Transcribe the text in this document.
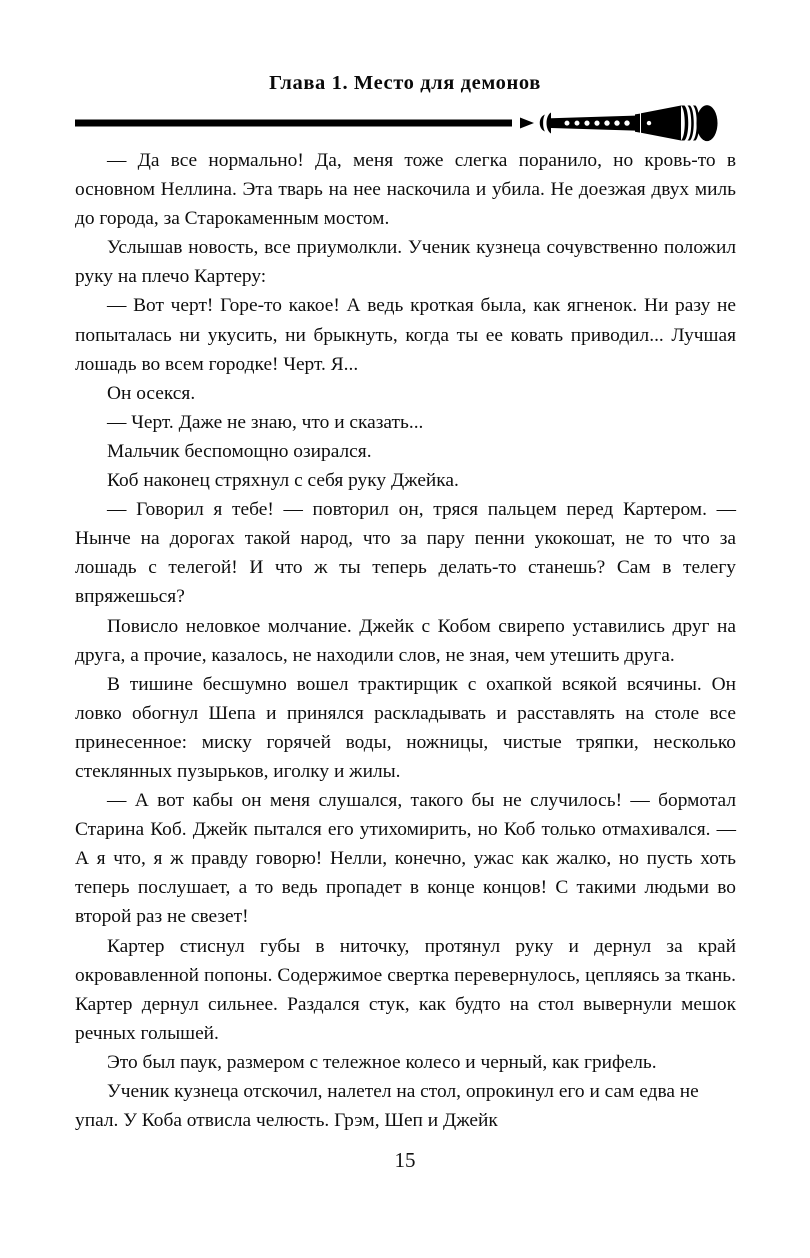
Глава 1. Место для демонов

— Да все нормально! Да, меня тоже слегка поранило, но кровь-то в основном Неллина. Эта тварь на нее наскочила и убила. Не доезжая двух миль до города, за Старокаменным мостом.

Услышав новость, все приумолкли. Ученик кузнеца сочувственно положил руку на плечо Картеру:

— Вот черт! Горе-то какое! А ведь кроткая была, как ягненок. Ни разу не попыталась ни укусить, ни брыкнуть, когда ты ее ковать приводил... Лучшая лошадь во всем городке! Черт. Я...

Он осекся.

— Черт. Даже не знаю, что и сказать...

Мальчик беспомощно озирался.

Коб наконец стряхнул с себя руку Джейка.

— Говорил я тебе! — повторил он, тряся пальцем перед Картером. — Нынче на дорогах такой народ, что за пару пенни укокошат, не то что за лошадь с телегой! И что ж ты теперь делать-то станешь? Сам в телегу впряжешься?

Повисло неловкое молчание. Джейк с Кобом свирепо уставились друг на друга, а прочие, казалось, не находили слов, не зная, чем утешить друга.

В тишине бесшумно вошел трактирщик с охапкой всякой всячины. Он ловко обогнул Шепа и принялся раскладывать и расставлять на столе все принесенное: миску горячей воды, ножницы, чистые тряпки, несколько стеклянных пузырьков, иголку и жилы.

— А вот кабы он меня слушался, такого бы не случилось! — бормотал Старина Коб. Джейк пытался его утихомирить, но Коб только отмахивался. — А я что, я ж правду говорю! Нелли, конечно, ужас как жалко, но пусть хоть теперь послушает, а то ведь пропадет в конце концов! С такими людьми во второй раз не свезет!

Картер стиснул губы в ниточку, протянул руку и дернул за край окровавленной попоны. Содержимое свертка перевернулось, цепляясь за ткань. Картер дернул сильнее. Раздался стук, как будто на стол вывернули мешок речных голышей.

Это был паук, размером с тележное колесо и черный, как грифель.

Ученик кузнеца отскочил, налетел на стол, опрокинул его и сам едва не упал. У Коба отвисла челюсть. Грэм, Шеп и Джейк

15
